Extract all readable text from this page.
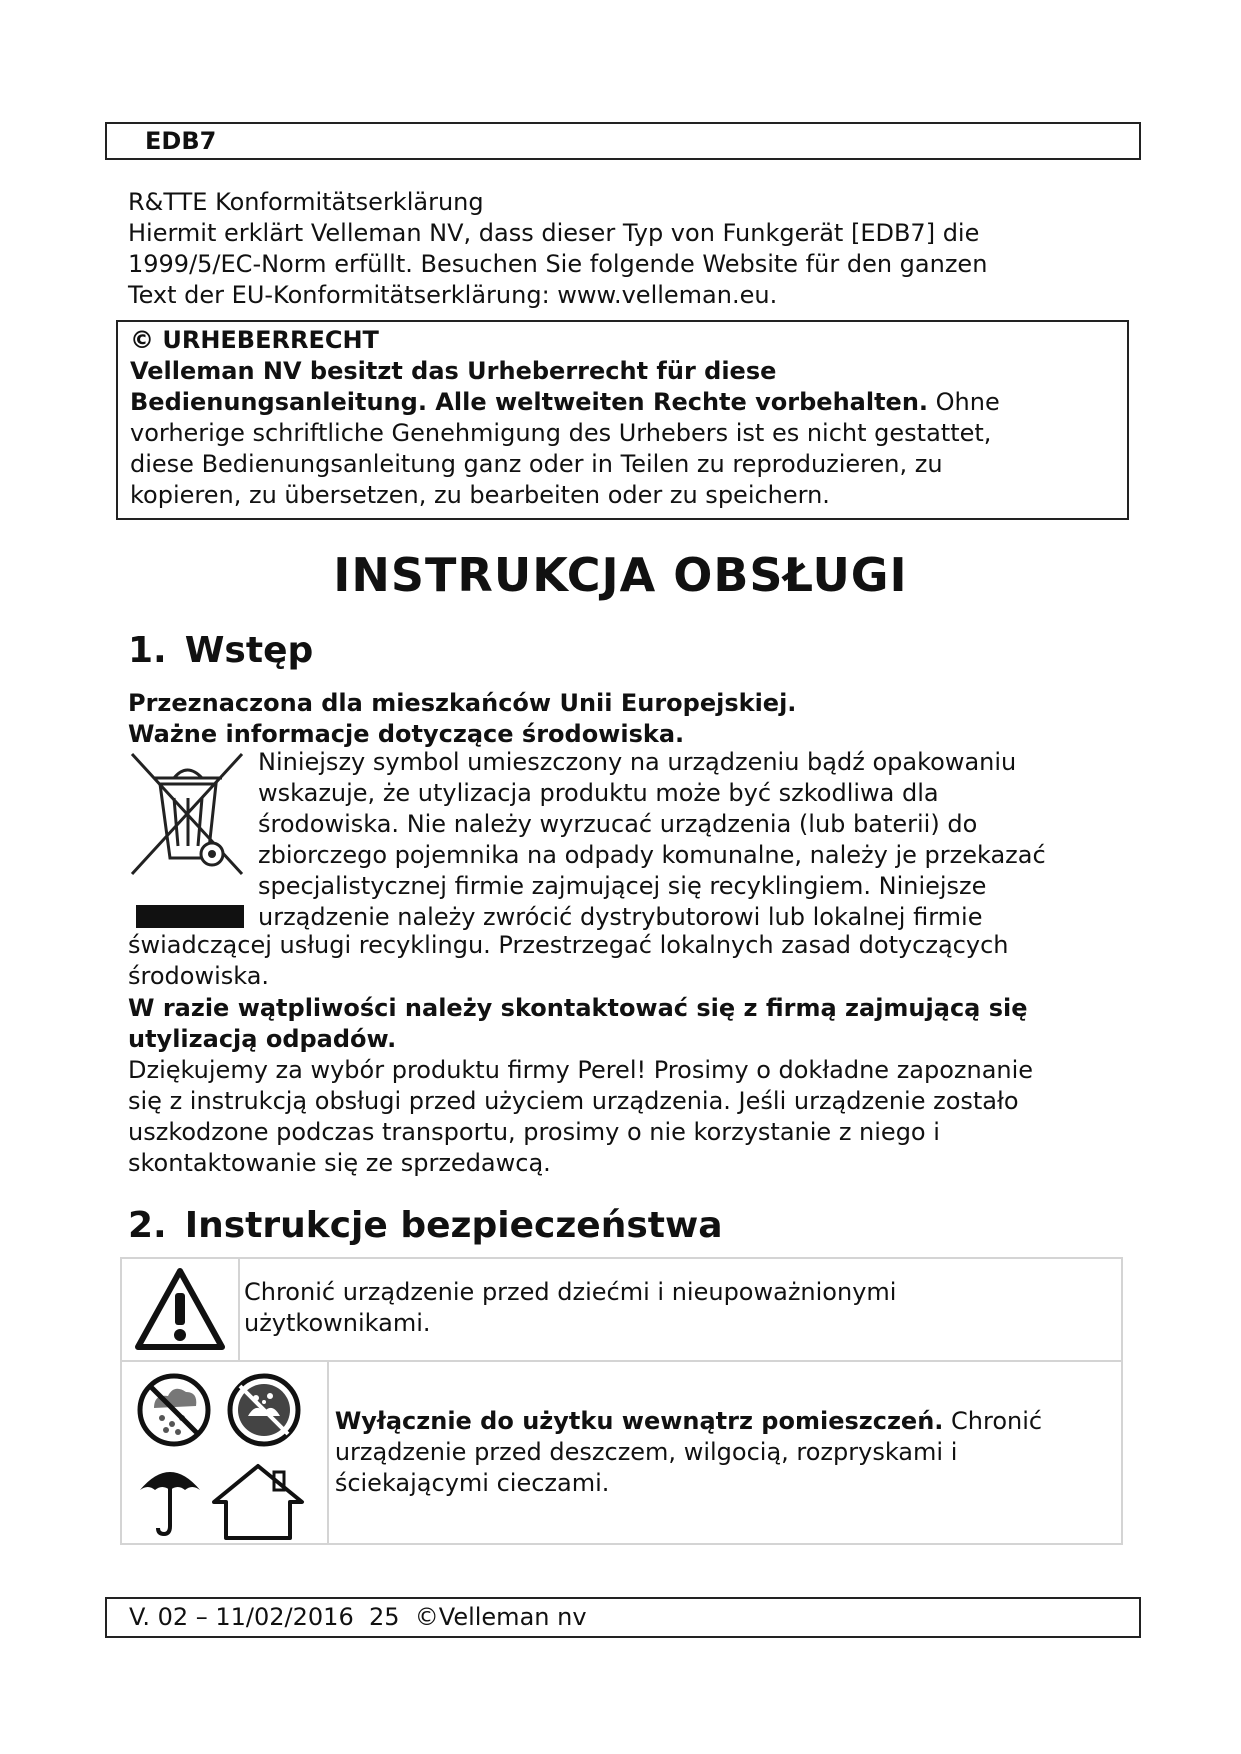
EDB7
R&TTE Konformitätserklärung
Hiermit erklärt Velleman NV, dass dieser Typ von Funkgerät [EDB7] die
1999/5/EC-Norm erfüllt. Besuchen Sie folgende Website für den ganzen
Text der EU-Konformitätserklärung: www.velleman.eu.
© URHEBERRECHT
Velleman NV besitzt das Urheberrecht für diese
Bedienungsanleitung. Alle weltweiten Rechte vorbehalten. Ohne
vorherige schriftliche Genehmigung des Urhebers ist es nicht gestattet,
diese Bedienungsanleitung ganz oder in Teilen zu reproduzieren, zu
kopieren, zu übersetzen, zu bearbeiten oder zu speichern.
INSTRUKCJA OBSŁUGI
1. Wstęp
Przeznaczona dla mieszkańców Unii Europejskiej.
Ważne informacje dotyczące środowiska.
Niniejszy symbol umieszczony na urządzeniu bądź opakowaniu
wskazuje, że utylizacja produktu może być szkodliwa dla
środowiska. Nie należy wyrzucać urządzenia (lub baterii) do
zbiorczego pojemnika na odpady komunalne, należy je przekazać
specjalistycznej firmie zajmującej się recyklingiem. Niniejsze
urządzenie należy zwrócić dystrybutorowi lub lokalnej firmie
świadczącej usługi recyklingu. Przestrzegać lokalnych zasad dotyczących
środowiska.
W razie wątpliwości należy skontaktować się z firmą zajmującą się
utylizacją odpadów.
Dziękujemy za wybór produktu firmy Perel! Prosimy o dokładne zapoznanie
się z instrukcją obsługi przed użyciem urządzenia. Jeśli urządzenie zostało
uszkodzone podczas transportu, prosimy o nie korzystanie z niego i
skontaktowanie się ze sprzedawcą.
2. Instrukcje bezpieczeństwa

Chronić urządzenie przed dziećmi i nieupoważnionymi
użytkownikami.	

Wyłącznie do użytku wewnątrz pomieszczeń. Chronić
urządzenie przed deszczem, wilgocią, rozpryskami i
ściekającymi cieczami.
V. 02 – 11/02/2016  25  ©Velleman nv
